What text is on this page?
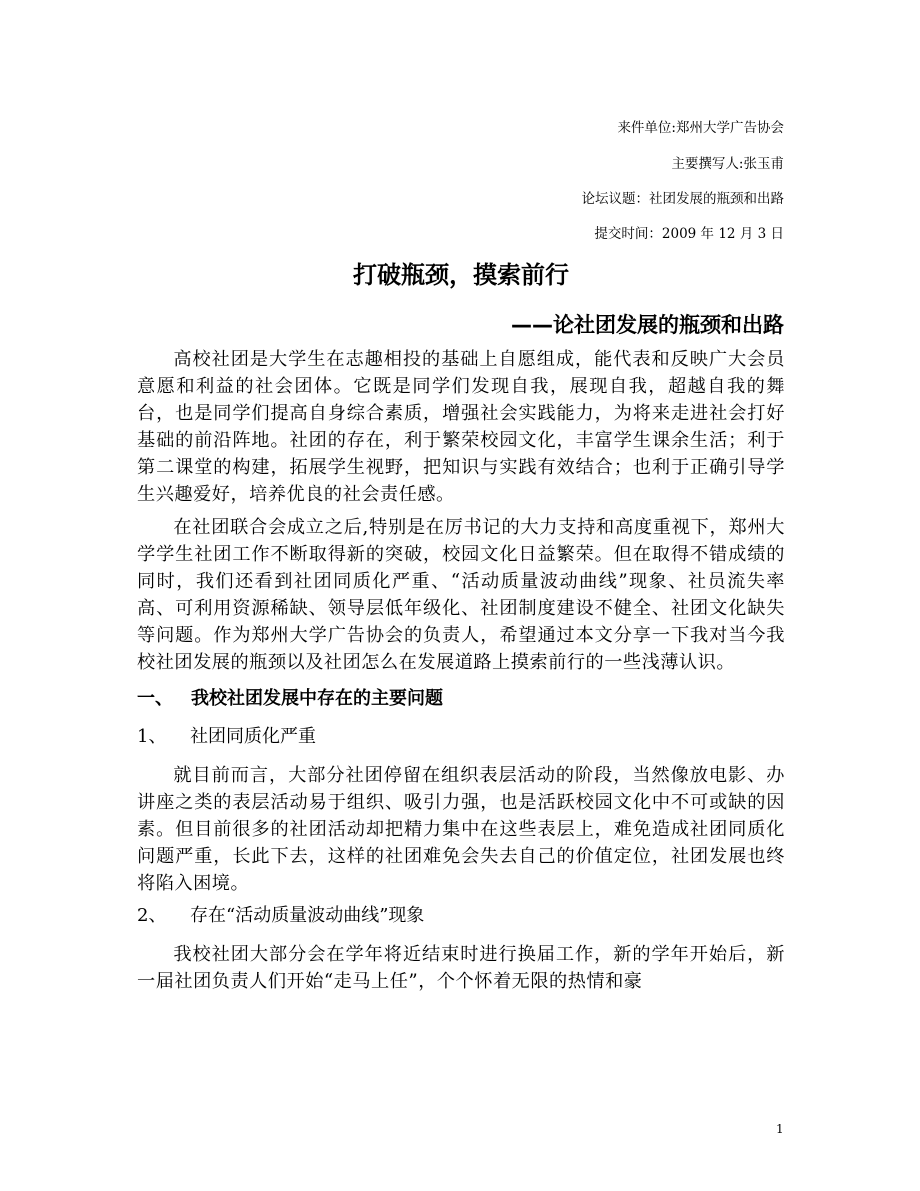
来件单位:郑州大学广告协会
主要撰写人:张玉甫
论坛议题：社团发展的瓶颈和出路
提交时间：2009 年 12 月 3 日
打破瓶颈，摸索前行
——论社团发展的瓶颈和出路

高校社团是大学生在志趣相投的基础上自愿组成，能代表和反映广大会员意愿和利益的社会团体。它既是同学们发现自我，展现自我，超越自我的舞台，也是同学们提高自身综合素质，增强社会实践能力，为将来走进社会打好基础的前沿阵地。社团的存在，利于繁荣校园文化，丰富学生课余生活；利于第二课堂的构建，拓展学生视野，把知识与实践有效结合；也利于正确引导学生兴趣爱好，培养优良的社会责任感。

在社团联合会成立之后,特别是在厉书记的大力支持和高度重视下，郑州大学学生社团工作不断取得新的突破，校园文化日益繁荣。但在取得不错成绩的同时，我们还看到社团同质化严重、“活动质量波动曲线”现象、社员流失率高、可利用资源稀缺、领导层低年级化、社团制度建设不健全、社团文化缺失等问题。作为郑州大学广告协会的负责人，希望通过本文分享一下我对当今我校社团发展的瓶颈以及社团怎么在发展道路上摸索前行的一些浅薄认识。

一、 我校社团发展中存在的主要问题
1、 社团同质化严重

就目前而言，大部分社团停留在组织表层活动的阶段，当然像放电影、办讲座之类的表层活动易于组织、吸引力强，也是活跃校园文化中不可或缺的因素。但目前很多的社团活动却把精力集中在这些表层上，难免造成社团同质化问题严重，长此下去，这样的社团难免会失去自己的价值定位，社团发展也终将陷入困境。

2、 存在“活动质量波动曲线”现象

我校社团大部分会在学年将近结束时进行换届工作，新的学年开始后，新一届社团负责人们开始“走马上任”，个个怀着无限的热情和豪

1
